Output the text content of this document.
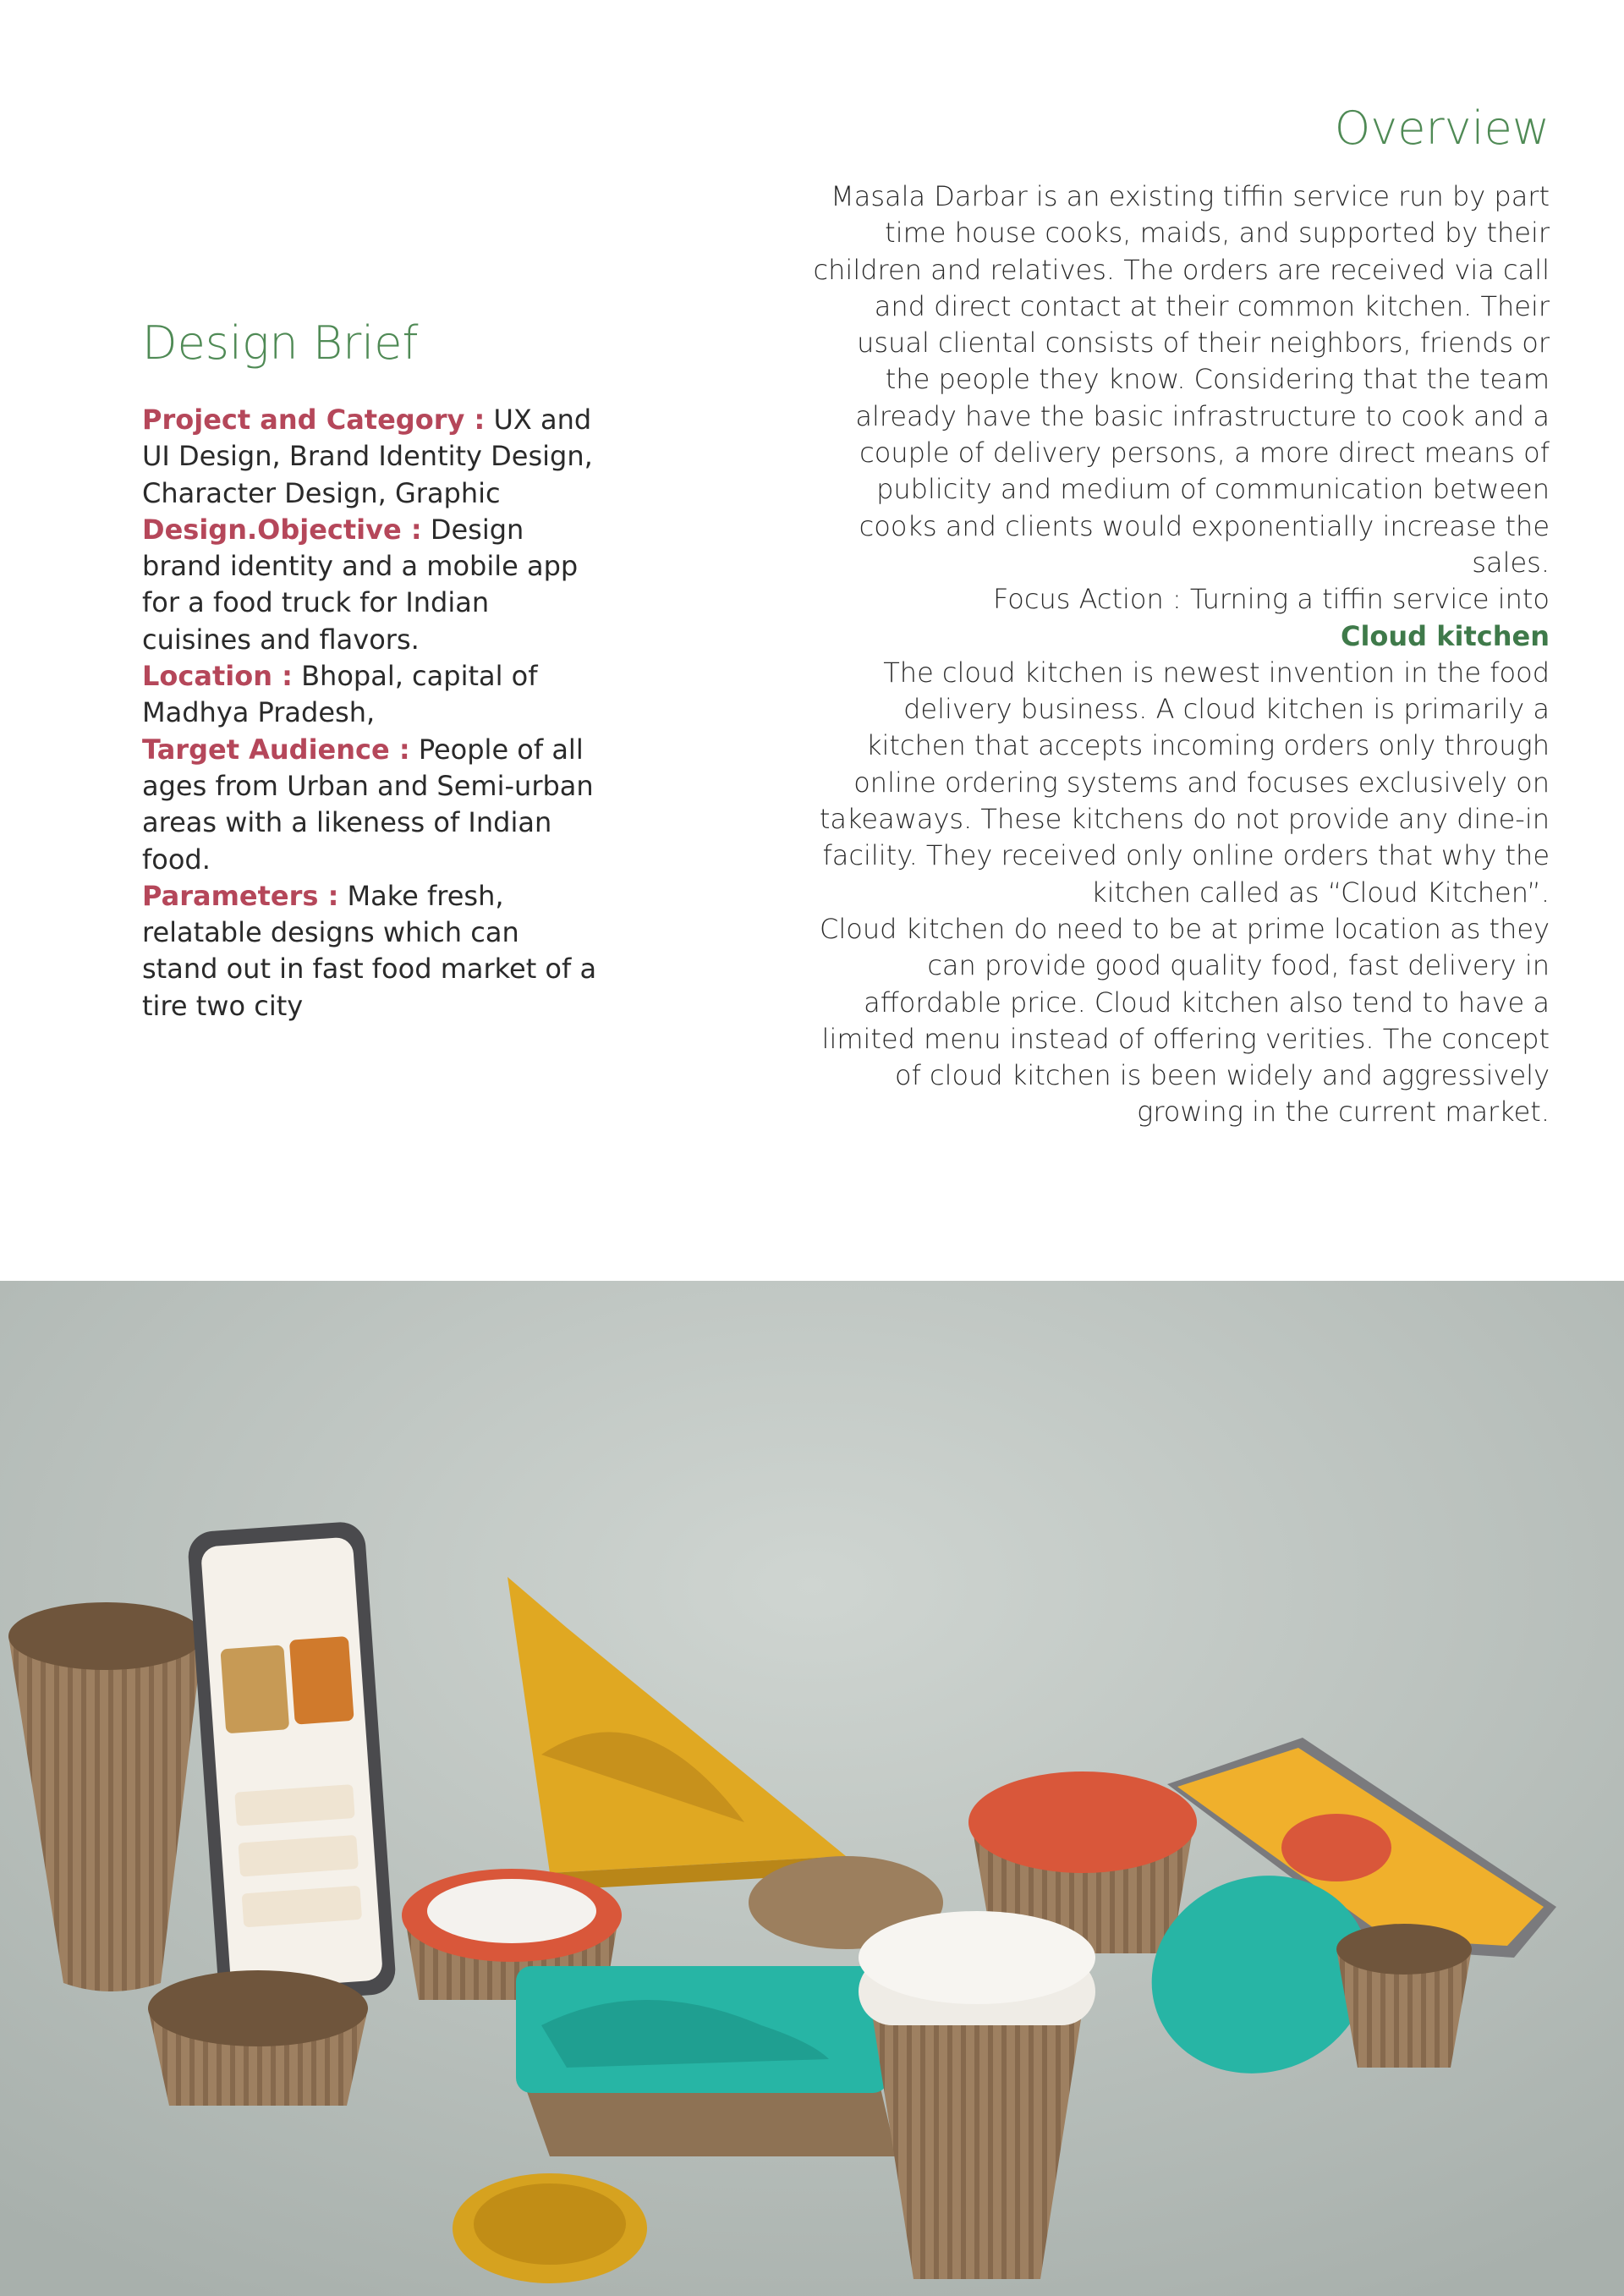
Overview

Masala Darbar is an existing tiffin service run by part time house cooks, maids, and supported by their children and relatives. The orders are received via call and direct contact at their common kitchen. Their usual cliental consists of their neighbors, friends or the people they know. Considering that the team already have the basic infrastructure to cook and a couple of delivery persons, a more direct means of publicity and medium of communication between cooks and clients would exponentially increase the sales.

Focus Action : Turning a tiffin service into
Cloud kitchen

The cloud kitchen is newest invention in the food delivery business. A cloud kitchen is primarily a kitchen that accepts incoming orders only through online ordering systems and focuses exclusively on takeaways. These kitchens do not provide any dine-in facility. They received only online orders that why the kitchen called as “Cloud Kitchen”.

Cloud kitchen do need to be at prime location as they can provide good quality food, fast delivery in affordable price. Cloud kitchen also tend to have a limited menu instead of offering verities. The concept of cloud kitchen is been widely and aggressively growing in the current market.

Design Brief

Project and Category : UX and UI Design, Brand Identity Design, Character Design, Graphic

Design.Objective : Design brand identity and a mobile app for a food truck for Indian cuisines and flavors.

Location : Bhopal, capital of Madhya Pradesh,

Target Audience : People of all ages from Urban and Semi-urban areas with a likeness of Indian food.

Parameters : Make fresh, relatable designs which can stand out in fast food market of a tire two city
